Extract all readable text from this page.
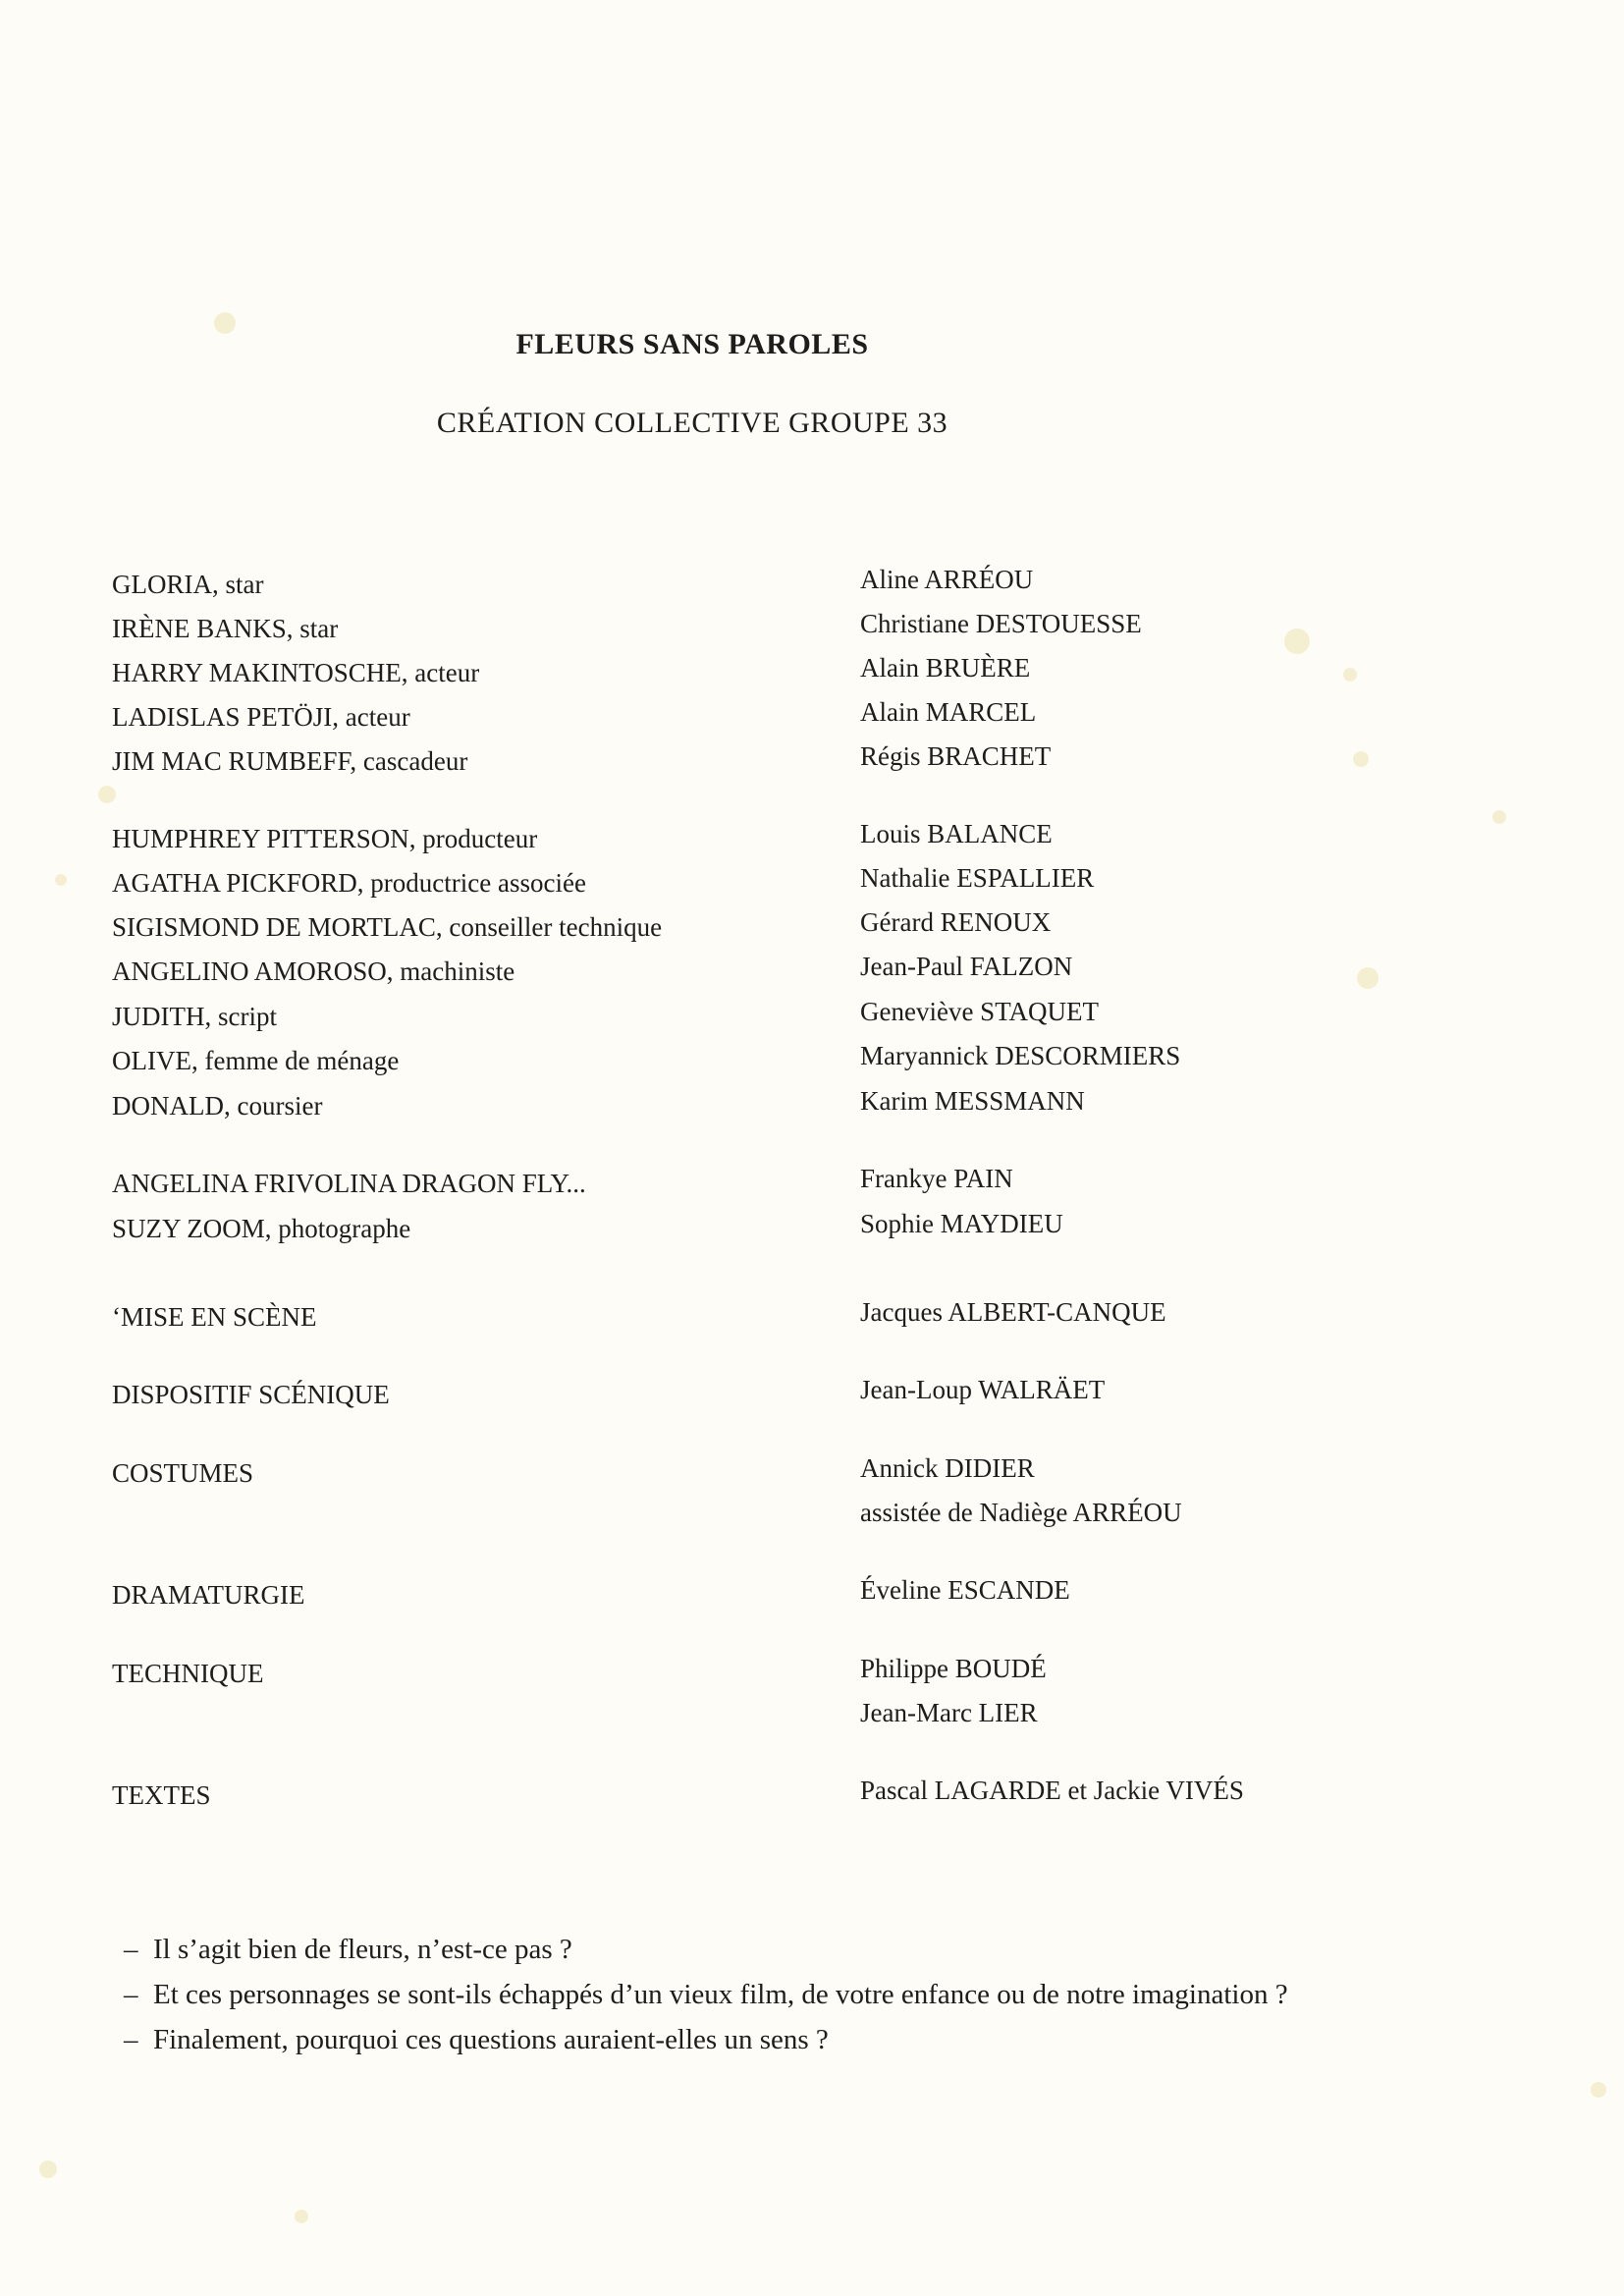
FLEURS SANS PAROLES
CRÉATION COLLECTIVE GROUPE 33
GLORIA, star	Aline ARRÉOU
IRÈNE BANKS, star	Christiane DESTOUESSE
HARRY MAKINTOSCHE, acteur	Alain BRUÈRE
LADISLAS PETÖJI, acteur	Alain MARCEL
JIM MAC RUMBEFF, cascadeur	Régis BRACHET
HUMPHREY PITTERSON, producteur	Louis BALANCE
AGATHA PICKFORD, productrice associée	Nathalie ESPALLIER
SIGISMOND DE MORTLAC, conseiller technique	Gérard RENOUX
ANGELINO AMOROSO, machiniste	Jean-Paul FALZON
JUDITH, script	Geneviève STAQUET
OLIVE, femme de ménage	Maryannick DESCORMIERS
DONALD, coursier	Karim MESSMANN
ANGELINA FRIVOLINA DRAGON FLY...	Frankye PAIN
SUZY ZOOM, photographe	Sophie MAYDIEU
‘MISE EN SCÈNE	Jacques ALBERT-CANQUE
DISPOSITIF SCÉNIQUE	Jean-Loup WALRÄET
COSTUMES	Annick DIDIER
assistée de Nadiège ARRÉOU
DRAMATURGIE	Éveline ESCANDE
TECHNIQUE	Philippe BOUDÉ
Jean-Marc LIER
TEXTES	Pascal LAGARDE et Jackie VIVÉS
– Il s’agit bien de fleurs, n’est-ce pas ?
– Et ces personnages se sont-ils échappés d’un vieux film, de votre enfance ou de notre imagination ?
– Finalement, pourquoi ces questions auraient-elles un sens ?
